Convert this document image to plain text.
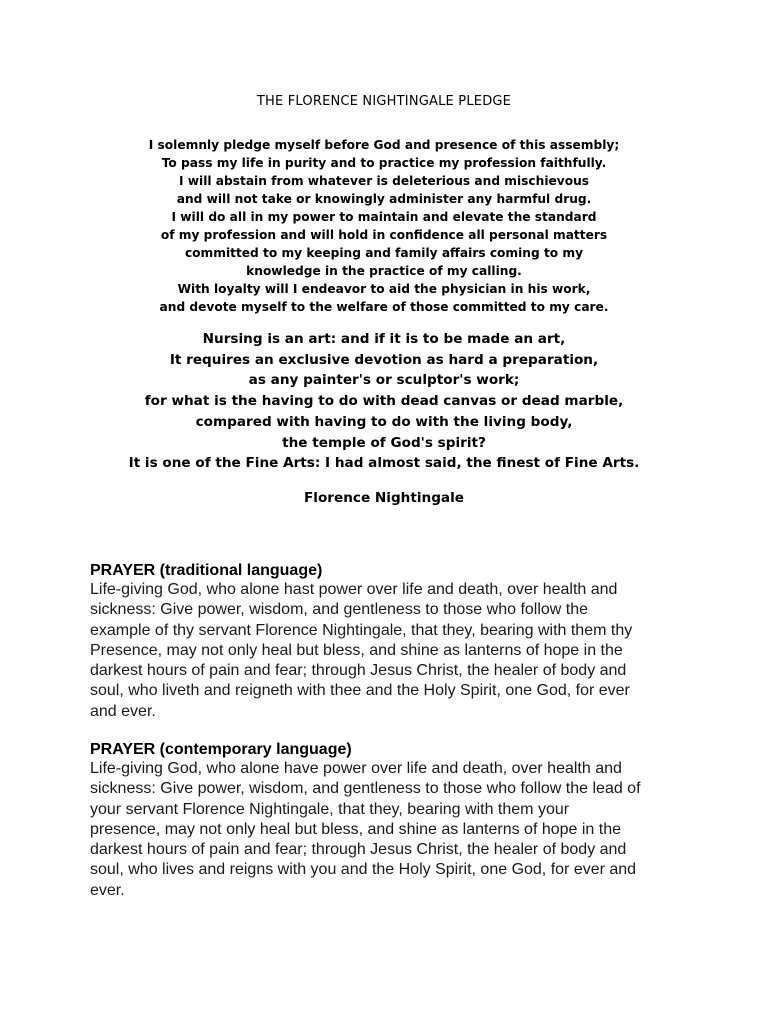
THE FLORENCE NIGHTINGALE PLEDGE
I solemnly pledge myself before God and presence of this assembly;
To pass my life in purity and to practice my profession faithfully.
I will abstain from whatever is deleterious and mischievous
and will not take or knowingly administer any harmful drug.
I will do all in my power to maintain and elevate the standard
of my profession and will hold in confidence all personal matters
committed to my keeping and family affairs coming to my
knowledge in the practice of my calling.
With loyalty will I endeavor to aid the physician in his work,
and devote myself to the welfare of those committed to my care.
Nursing is an art: and if it is to be made an art,
It requires an exclusive devotion as hard a preparation,
as any painter's or sculptor's work;
for what is the having to do with dead canvas or dead marble,
compared with having to do with the living body,
the temple of God's spirit?
It is one of the Fine Arts: I had almost said, the finest of Fine Arts.
Florence Nightingale
PRAYER (traditional language)
Life-giving God, who alone hast power over life and death, over health and
sickness: Give power, wisdom, and gentleness to those who follow the
example of thy servant Florence Nightingale, that they, bearing with them thy
Presence, may not only heal but bless, and shine as lanterns of hope in the
darkest hours of pain and fear; through Jesus Christ, the healer of body and
soul, who liveth and reigneth with thee and the Holy Spirit, one God, for ever
and ever.
PRAYER (contemporary language)
Life-giving God, who alone have power over life and death, over health and
sickness: Give power, wisdom, and gentleness to those who follow the lead of
your servant Florence Nightingale, that they, bearing with them your
presence, may not only heal but bless, and shine as lanterns of hope in the
darkest hours of pain and fear; through Jesus Christ, the healer of body and
soul, who lives and reigns with you and the Holy Spirit, one God, for ever and
ever.
